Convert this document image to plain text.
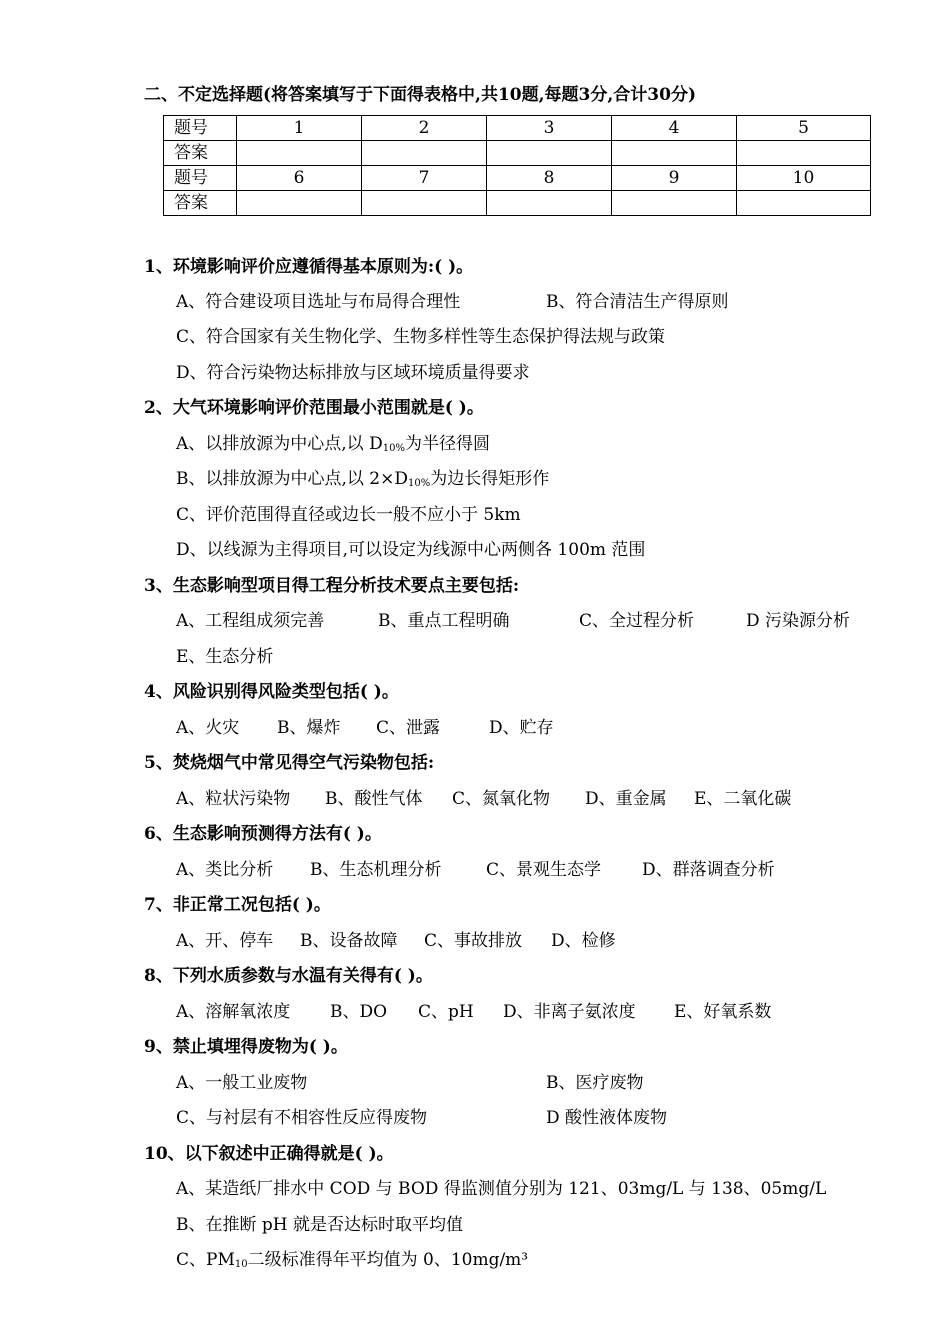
二、不定选择题(将答案填写于下面得表格中,共10题,每题3分,合计30分)
题号	1	2	3	4	5
答案					
题号	6	7	8	9	10
答案					
1、环境影响评价应遵循得基本原则为:( )。
A、符合建设项目选址与布局得合理性	B、符合清洁生产得原则
C、符合国家有关生物化学、生物多样性等生态保护得法规与政策
D、符合污染物达标排放与区域环境质量得要求
2、大气环境影响评价范围最小范围就是( )。
A、以排放源为中心点,以 $D_{10\%}$为半径得圆
B、以排放源为中心点,以 $2\times D_{10\%}$为边长得矩形作
C、评价范围得直径或边长一般不应小于 5km
D、以线源为主得项目,可以设定为线源中心两侧各 100m 范围
3、生态影响型项目得工程分析技术要点主要包括:
A、工程组成须完善	B、重点工程明确	C、全过程分析	D 污染源分析
E、生态分析
4、风险识别得风险类型包括( )。
A、火灾 B、爆炸 C、泄露	D、贮存
5、焚烧烟气中常见得空气污染物包括:
A、粒状污染物 B、酸性气体 C、氮氧化物 D、重金属 E、二氧化碳
6、生态影响预测得方法有( )。
A、类比分析 B、生态机理分析	C、景观生态学 D、群落调查分析
7、非正常工况包括( )。
A、开、停车 B、设备故障 C、事故排放 D、检修
8、下列水质参数与水温有关得有( )。
A、溶解氧浓度 B、DO C、pH D、非离子氨浓度 E、好氧系数
9、禁止填埋得废物为( )。
A、一般工业废物	B、医疗废物
C、与衬层有不相容性反应得废物	D 酸性液体废物
10、以下叙述中正确得就是( )。
A、某造纸厂排水中 COD 与 BOD 得监测值分别为 121、03mg/L 与 138、05mg/L
B、在推断 pH 就是否达标时取平均值
C、$PM_{10}$二级标准得年平均值为 0、10mg/m³
